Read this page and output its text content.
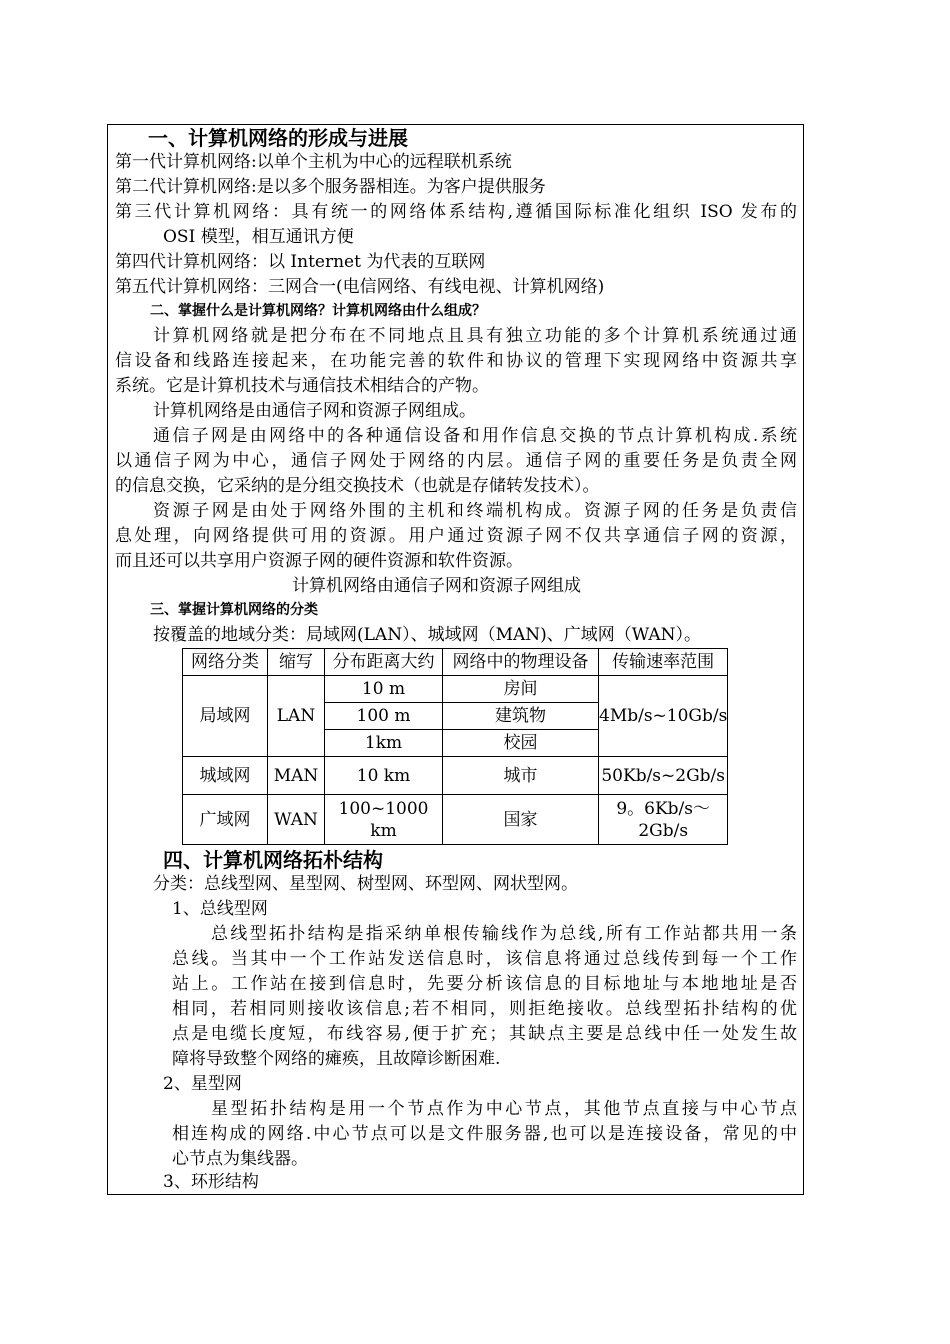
一、计算机网络的形成与进展
第一代计算机网络:以单个主机为中心的远程联机系统
第二代计算机网络:是以多个服务器相连。为客户提供服务
第三代计算机网络：具有统一的网络体系结构,遵循国际标准化组织 ISO 发布的
OSI 模型，相互通讯方便
第四代计算机网络：以 Internet 为代表的互联网
第五代计算机网络：三网合一(电信网络、有线电视、计算机网络)
二、掌握什么是计算机网络？计算机网络由什么组成？
计算机网络就是把分布在不同地点且具有独立功能的多个计算机系统通过通
信设备和线路连接起来，在功能完善的软件和协议的管理下实现网络中资源共享
系统。它是计算机技术与通信技术相结合的产物。
计算机网络是由通信子网和资源子网组成。
通信子网是由网络中的各种通信设备和用作信息交换的节点计算机构成.系统
以通信子网为中心，通信子网处于网络的内层。通信子网的重要任务是负责全网
的信息交换，它采纳的是分组交换技术（也就是存储转发技术）。
资源子网是由处于网络外围的主机和终端机构成。资源子网的任务是负责信
息处理，向网络提供可用的资源。用户通过资源子网不仅共享通信子网的资源，
而且还可以共享用户资源子网的硬件资源和软件资源。
计算机网络由通信子网和资源子网组成
三、掌握计算机网络的分类
按覆盖的地域分类：局域网(LAN）、城域网（MAN)、广域网（WAN）。
网络分类	缩写	分布距离大约	网络中的物理设备	传输速率范围
局域网	LAN	10 m	房间	4Mb/s~10Gb/s
		100 m	建筑物	
		1km	校园	
城域网	MAN	10 km	城市	50Kb/s~2Gb/s
广域网	WAN	100~1000 km	国家	9。6Kb/s～
2Gb/s
四、计算机网络拓朴结构
分类：总线型网、星型网、树型网、环型网、网状型网。
1、总线型网
总线型拓扑结构是指采纳单根传输线作为总线,所有工作站都共用一条
总线。当其中一个工作站发送信息时，该信息将通过总线传到每一个工作
站上。工作站在接到信息时，先要分析该信息的目标地址与本地地址是否
相同，若相同则接收该信息;若不相同，则拒绝接收。总线型拓扑结构的优
点是电缆长度短，布线容易,便于扩充；其缺点主要是总线中任一处发生故
障将导致整个网络的瘫痪，且故障诊断困难.
2、星型网
星型拓扑结构是用一个节点作为中心节点，其他节点直接与中心节点
相连构成的网络.中心节点可以是文件服务器,也可以是连接设备，常见的中
心节点为集线器。
3、环形结构
